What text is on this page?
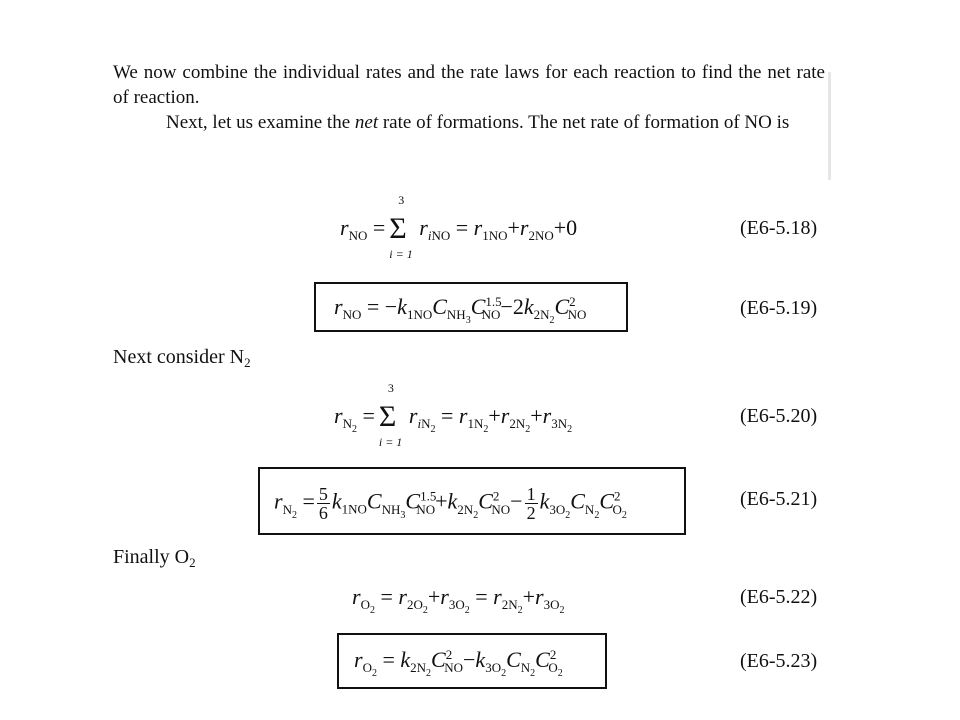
We now combine the individual rates and the rate laws for each reaction to find the net rate of reaction.

Next, let us examine the net rate of formations. The net rate of formation of NO is

$r_{NO}$ =
3
Σ
i = 1
$r_{iNO} = r_{1NO}+r_{2NO}+0$	(E6-5.18)
$r_{NO} = -k_{1NO}C_{NH_3}C^{1.5}_{NO}-2k_{2N_2}C^2_{NO}$	(E6-5.19)
Next consider $N_2$
$r_{N_2}$ =
3
Σ
i = 1
$r_{iN_2} = r_{1N_2}+r_{2N_2}+r_{3N_2}$
(E6-5.20)
$r_{N_2} = \frac{5}{6} k_{1NO}C_{NH_3}C^{1.5}_{NO}+k_{2N_2}C^2_{NO}- \frac{1}{2} k_{3O_2}C_{N_2}C^2_{O_2}$
(E6-5.21)
Finally $O_2$
$r_{O_2} = r_{2O_2}+r_{3O_2} = r_{2N_2}+r_{3O_2}$
(E6-5.22)
$r_{O_2} = k_{2N_2}C^2_{NO}-k_{3O_2}C_{N_2}C^2_{O_2}$
(E6-5.23)
